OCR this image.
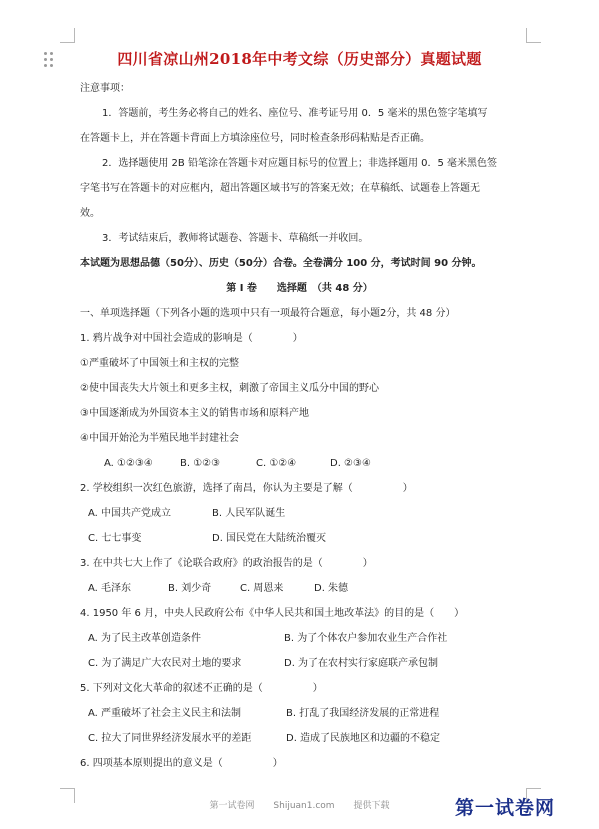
四川省凉山州2018年中考文综（历史部分）真题试题
注意事项：
1．答题前，考生务必将自己的姓名、座位号、准考证号用 0．5 毫米的黑色签字笔填写
在答题卡上，并在答题卡背面上方填涂座位号，同时检查条形码粘贴是否正确。
2．选择题使用 2B 铅笔涂在答题卡对应题目标号的位置上；非选择题用 0．5 毫米黑色签
字笔书写在答题卡的对应框内，超出答题区域书写的答案无效；在草稿纸、试题卷上答题无
效。
3．考试结束后，教师将试题卷、答题卡、草稿纸一并收回。
本试题为思想品德（50分）、历史（50分）合卷。全卷满分 100 分，考试时间 90 分钟。
第 I 卷　　选择题　（共 48 分）
一、单项选择题（下列各小题的选项中只有一项最符合题意，每小题2分，共 48 分）
1. 鸦片战争对中国社会造成的影响是（　　　　）
①严重破坏了中国领土和主权的完整
②使中国丧失大片领土和更多主权，刺激了帝国主义瓜分中国的野心
③中国逐渐成为外国资本主义的销售市场和原料产地
④中国开始沦为半殖民地半封建社会
A. ①②③④	B. ①②③	C. ①②④	D. ②③④
2. 学校组织一次红色旅游，选择了南昌，你认为主要是了解（　　　　　）
A. 中国共产党成立	B. 人民军队诞生
C. 七七事变	D. 国民党在大陆统治覆灭
3. 在中共七大上作了《论联合政府》的政治报告的是（　　　　）
A. 毛泽东	B. 刘少奇	C. 周恩来	D. 朱德
4. 1950 年 6 月，中央人民政府公布《中华人民共和国土地改革法》的目的是（　　）
A. 为了民主改革创造条件	B. 为了个体农户参加农业生产合作社
C. 为了满足广大农民对土地的要求	D. 为了在农村实行家庭联产承包制
5. 下列对文化大革命的叙述不正确的是（　　　　　）
A. 严重破坏了社会主义民主和法制	B. 打乱了我国经济发展的正常进程
C. 拉大了同世界经济发展水平的差距	D. 造成了民族地区和边疆的不稳定
6. 四项基本原则提出的意义是（　　　　　）
第一试卷网 Shijuan1.com 提供下载	第一试卷网
